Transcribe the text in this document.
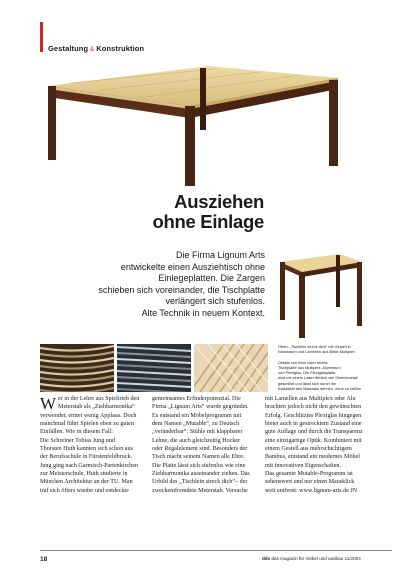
Gestaltung & Konstruktion
Ausziehen
ohne Einlage
Die Firma Lignum Arts
entwickelte einen Ausziehtisch ohne
Einlegeplatten. Die Zargen
schieben sich voreinander, die Tischplatte
verlängert sich stufenlos.
Alte Technik in neuem Kontext.
Oben: „Tischlein streck dich“ mit Gestell in
Nussbaum und Lamellen aus Birke-Multiplex
Details von links nach rechts:
Tischplatte aus Multiplex, Aluminium
und Plexiglas. Die Plexiglasplatte
wird mit einem Laser ähnlich wie Streichmetall
geschlitzt und lässt sich durch die
Elastizität des Materials dehnen, ohne zu reißen
W er in der Lehre aus Spieltrieb den
Meterstab als „Ziehharmonika“
verwendet, erntet wenig Applaus. Doch
manchmal führt Spielen eben zu guten
Einfällen. Wie in diesem Fall:
Die Schreiner Tobias Jung und
Thorsten Huth kannten sich schon aus
der Berufsschule in Fürstenfeldbruck.
Jung ging nach Garmisch-Partenkirchen
zur Meisterschule, Huth studierte in
München Architektur an der TU. Man
traf sich öfters wieder und entdeckte
gemeinsames Erfinderpotenzial. Die
Firma „Lignum Arts“ wurde gegründet.
Es entstand ein Möbelprogramm mit
dem Namen „Mutable“, zu Deutsch
„veränderbar“: Stühle mit klappbarer
Lehne, die auch gleichzeitig Hocker
oder Regalelement sind. Besonders der
Tisch macht seinem Namen alle Ehre.
Die Platte lässt sich stufenlos wie eine
Ziehharmonika auseinander ziehen. Das
Urbild des „Tischlein streck dich“– der
zweckentfremdete Meterstab. Versuche
mit Lamellen aus Multiplex oder Alu
brachten jedoch nicht den gewünschten
Erfolg. Geschlitztes Plexiglas hingegen
bietet auch in gestrecktem Zustand eine
gute Auflage und durch die Transparenz
eine einzigartige Optik. Kombiniert mit
einem Gestell aus mehrschichtigem
Bambus, entstand ein modernes Möbel
mit innovativen Eigenschaften.
Das gesamte Mutable-Programm ist
sehenswert und nur einen Mausklick
weit entfernt: www.lignum-arts.de JN
18	dds das magazin für möbel und ausbau 11/2004
